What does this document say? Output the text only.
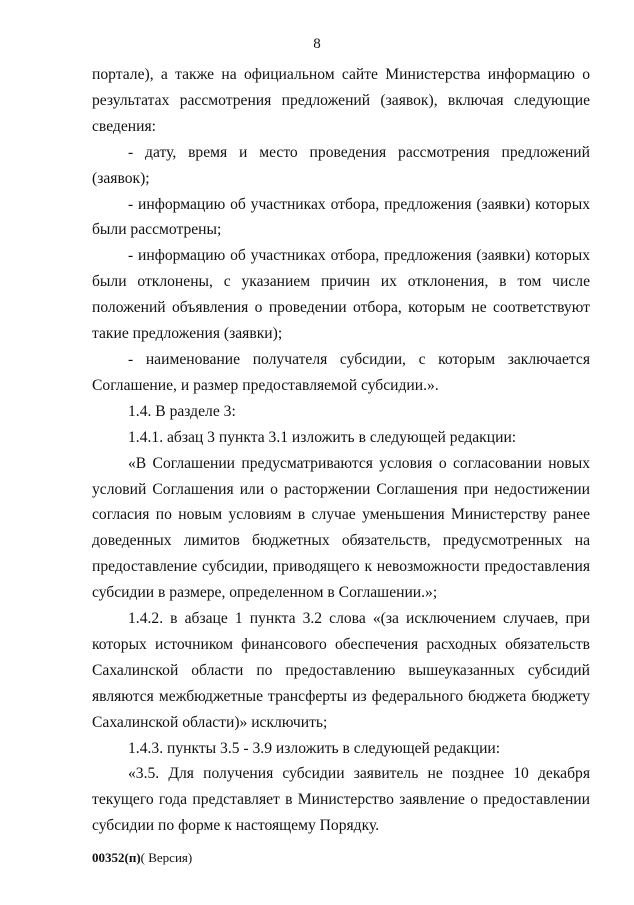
8

порталe), а также на официальном сайте Министерства информацию о результатах рассмотрения предложений (заявок), включая следующие сведения:

- дату, время и место проведения рассмотрения предложений (заявок);

- информацию об участниках отбора, предложения (заявки) которых были рассмотрены;

- информацию об участниках отбора, предложения (заявки) которых были отклонены, с указанием причин их отклонения, в том числе положений объявления о проведении отбора, которым не соответствуют такие предложения (заявки);

- наименование получателя субсидии, с которым заключается Соглашение, и размер предоставляемой субсидии.».

1.4. В разделе 3:

1.4.1. абзац 3 пункта 3.1 изложить в следующей редакции:

«В Соглашении предусматриваются условия о согласовании новых условий Соглашения или о расторжении Соглашения при недостижении согласия по новым условиям в случае уменьшения Министерству ранее доведенных лимитов бюджетных обязательств, предусмотренных на предоставление субсидии, приводящего к невозможности предоставления субсидии в размере, определенном в Соглашении.»;

1.4.2. в абзаце 1 пункта 3.2 слова «(за исключением случаев, при которых источником финансового обеспечения расходных обязательств Сахалинской области по предоставлению вышеуказанных субсидий являются межбюджетные трансферты из федерального бюджета бюджету Сахалинской области)» исключить;

1.4.3. пункты 3.5 - 3.9 изложить в следующей редакции:

«3.5. Для получения субсидии заявитель не позднее 10 декабря текущего года представляет в Министерство заявление о предоставлении субсидии по форме к настоящему Порядку.

00352(п)( Версия)
